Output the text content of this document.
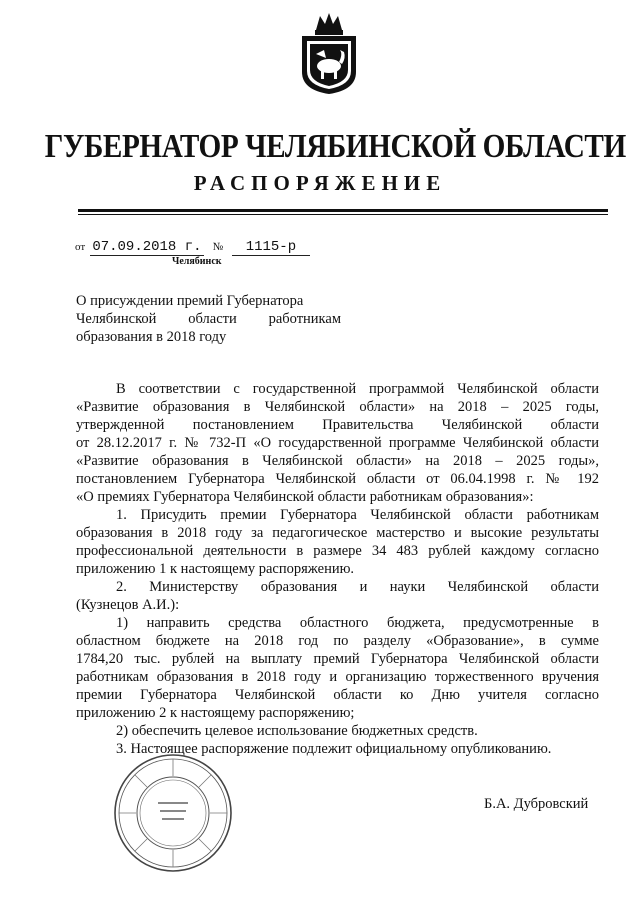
ГУБЕРНАТОР ЧЕЛЯБИНСКОЙ ОБЛАСТИ
РАСПОРЯЖЕНИЕ
от 07.09.2018 г. № 1115-р
Челябинск
О присуждении премий Губернатора
Челябинской области работникам
образования в 2018 году
В соответствии с государственной программой Челябинской области
«Развитие образования в Челябинской области» на 2018 – 2025 годы,
утвержденной постановлением Правительства Челябинской области
от 28.12.2017 г. № 732-П «О государственной программе Челябинской области
«Развитие образования в Челябинской области» на 2018 – 2025 годы»,
постановлением Губернатора Челябинской области от 06.04.1998 г. № 192
«О премиях Губернатора Челябинской области работникам образования»:
1. Присудить премии Губернатора Челябинской области работникам
образования в 2018 году за педагогическое мастерство и высокие результаты
профессиональной деятельности в размере 34 483 рублей каждому согласно
приложению 1 к настоящему распоряжению.
2. Министерству образования и науки Челябинской области
(Кузнецов А.И.):
1) направить средства областного бюджета, предусмотренные в
областном бюджете на 2018 год по разделу «Образование», в сумме
1784,20 тыс. рублей на выплату премий Губернатора Челябинской области
работникам образования в 2018 году и организацию торжественного вручения
премии Губернатора Челябинской области ко Дню учителя согласно
приложению 2 к настоящему распоряжению;
2) обеспечить целевое использование бюджетных средств.
3. Настоящее распоряжение подлежит официальному опубликованию.
Б.А. Дубровский
